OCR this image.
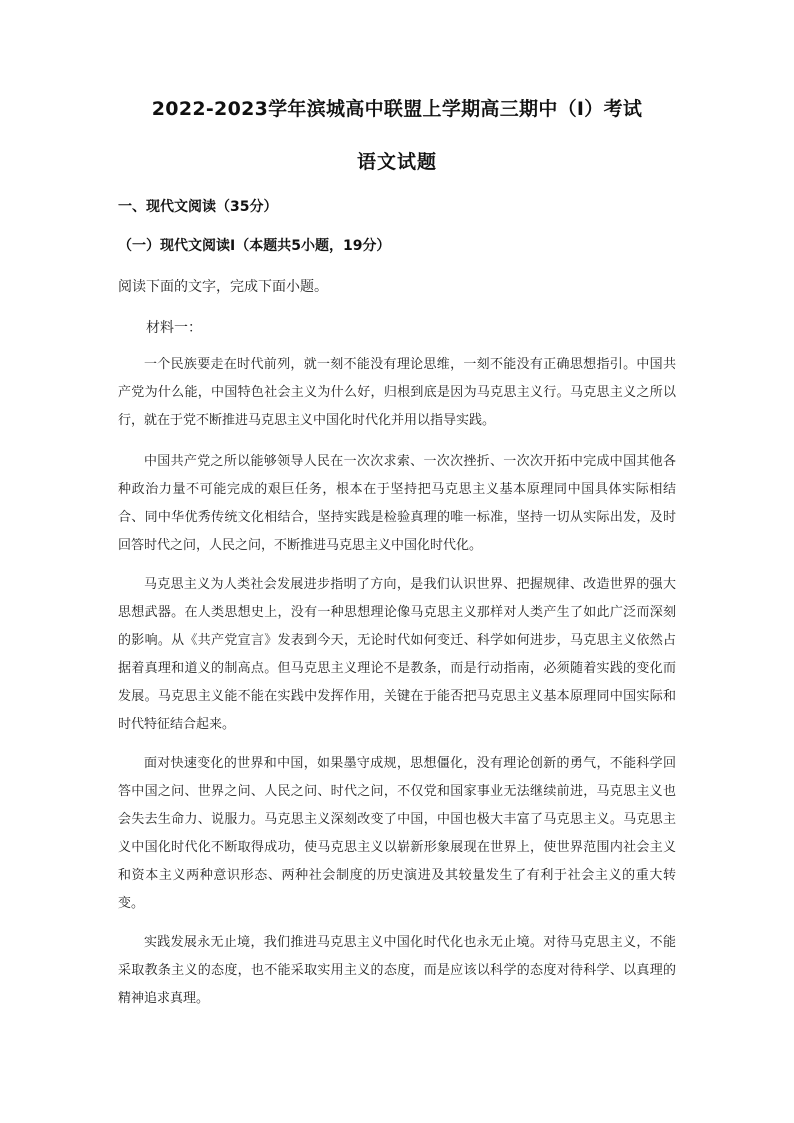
2022-2023学年滨城高中联盟上学期高三期中（Ⅰ）考试
语文试题
一、现代文阅读（35分）
（一）现代文阅读Ⅰ（本题共5小题，19分）
阅读下面的文字，完成下面小题。
材料一：

一个民族要走在时代前列，就一刻不能没有理论思维，一刻不能没有正确思想指引。中国共产党为什么能，中国特色社会主义为什么好，归根到底是因为马克思主义行。马克思主义之所以行，就在于党不断推进马克思主义中国化时代化并用以指导实践。

中国共产党之所以能够领导人民在一次次求索、一次次挫折、一次次开拓中完成中国其他各种政治力量不可能完成的艰巨任务，根本在于坚持把马克思主义基本原理同中国具体实际相结合、同中华优秀传统文化相结合，坚持实践是检验真理的唯一标准，坚持一切从实际出发，及时回答时代之问，人民之问，不断推进马克思主义中国化时代化。

马克思主义为人类社会发展进步指明了方向，是我们认识世界、把握规律、改造世界的强大思想武器。在人类思想史上，没有一种思想理论像马克思主义那样对人类产生了如此广泛而深刻的影响。从《共产党宣言》发表到今天，无论时代如何变迁、科学如何进步，马克思主义依然占据着真理和道义的制高点。但马克思主义理论不是教条，而是行动指南，必须随着实践的变化而发展。马克思主义能不能在实践中发挥作用，关键在于能否把马克思主义基本原理同中国实际和时代特征结合起来。

面对快速变化的世界和中国，如果墨守成规，思想僵化，没有理论创新的勇气，不能科学回答中国之问、世界之问、人民之问、时代之问，不仅党和国家事业无法继续前进，马克思主义也会失去生命力、说服力。马克思主义深刻改变了中国，中国也极大丰富了马克思主义。马克思主义中国化时代化不断取得成功，使马克思主义以崭新形象展现在世界上，使世界范围内社会主义和资本主义两种意识形态、两种社会制度的历史演进及其较量发生了有利于社会主义的重大转变。

实践发展永无止境，我们推进马克思主义中国化时代化也永无止境。对待马克思主义，不能采取教条主义的态度，也不能采取实用主义的态度，而是应该以科学的态度对待科学、以真理的精神追求真理。
